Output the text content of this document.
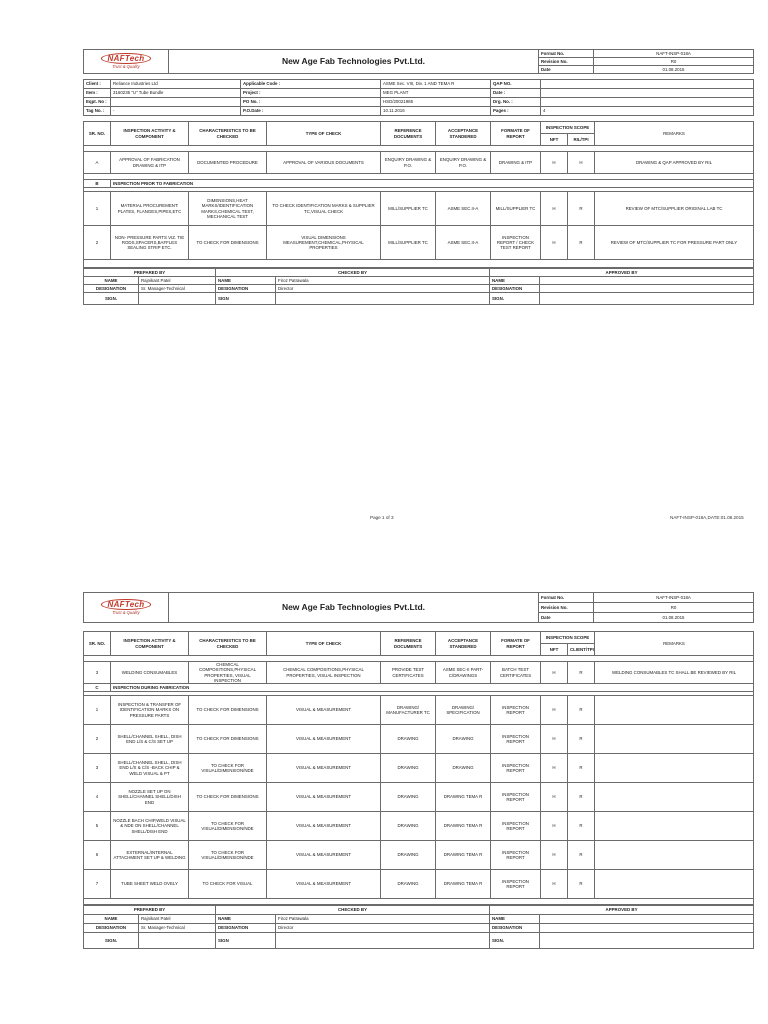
NAFTech
Trust & Quality	New Age Fab Technologies Pvt.Ltd.	Format No.	NAFT-INSP-018A
		Revision No.	R0
		Date	01.08.2015
Client :	Reliance Industries Ltd	Applicable Code :	ASME Sec. VIII, Div. 1 AND TEMA R	QAP NO.	
Item :	3160235 "U" Tube Bundle	Project :	MEG PLANT	Date :	
Eqpt. No :		PO No. :	HSD/20021985	Drg. No. :	
Tag No. :	-	P.O.Date :	10.11.2016	Pages :	4
SR. NO.	INSPECTION ACTIVITY & COMPONENT	CHARACTERISTICS TO BE CHECKED	TYPE OF CHECK	REFERENCE DOCUMENTS	ACCEPTANCE STANDERED	FORMATE OF REPORT	INSPECTION SCOPE		REMARKS
							NFT	RIL/TPI	

A	APPROVAL OF FABRICATION DRAWING & ITP	DOCUMENTED PROCEDURE	APPROVAL OF VARIOUS DOCUMENTS	ENQUIRY DRAWING & P.O.	ENQUIRY DRAWING & P.O.	DRAWING & ITP	H	H	DRAWING & QAP APPROVED BY RIL

B	INSPECTION PRIOR TO FABRICATION								

1	MATERIAL PROCUREMENT: PLATES, FLANGES,PIPES,ETC	DIMENSIONS,HEAT MARKS/IDENTIFICATION MARKS,CHEMICAL TEST, MECHANICAL TEST	TO CHECK IDENTIFICATION MARKS & SUPPLIER TC,VISUAL CHECK	MILL/SUPPLIER TC	ASME SEC.II-A	MILL/SUPPLIER TC	H	R	REVIEW OF MTC/SUPPLIER ORIGINAL LAB TC
2	NON- PRESSURE PARTS VIZ. TIE RODS,SPACERS,BAFFLES SEALING STRIP ETC.	TO CHECK FOR DIMENSIONS	VISUAL DIMENSIONS MEASUREMENT,CHEMICAL,PHYSICAL PROPERTIES	MILL/SUPPLIER TC	ASME SEC.II-A	INSPECTION REPORT / CHECK TEST REPORT	H	R	REVIEW OF MTC/SUPPLIER TC FOR PRESSURE PART ONLY

PREPARED BY		CHECKED BY		APPROVED BY	
NAME	Rajnikant Patel	NAME	Firoz Patrawala	NAME	
DESIGNATION	Sr. Manager-Technical	DESIGNATION	Director	DESIGNATION	
SIGN.		SIGN		SIGN.	
Page 1 of 3	NAFT-INSP-018A,DATE:01.08.2015
NAFTech
Trust & Quality	New Age Fab Technologies Pvt.Ltd.	Format No.	NAFT-INSP-018A
		Revision No.	R0
		Date	01.08.2015
SR. NO.	INSPECTION ACTIVITY & COMPONENT	CHARACTERISTICS TO BE CHECKED	TYPE OF CHECK	REFERENCE DOCUMENTS	ACCEPTANCE STANDERED	FORMATE OF REPORT	INSPECTION SCOPE		REMARKS
							NFT	CLIENT/TPI	

3	WELDING CONSUMABLES	CHEMICAL COMPOSITIONS,PHYSICAL PROPERTIES, VISUAL INSPECTION	CHEMICAL COMPOSITIONS,PHYSICAL PROPERTIES, VISUAL INSPECTION	PROVIDE TEST CERTIFICATES	ASME SEC-II PART-C/DRAWINGS	BATCH TEST CERTIFICATES	H	R	WELDING CONSUMABLES TC SHALL BE REVIEWED BY RIL
C	INSPECTION DURING FABRICATION								

1	INSPECTION & TRANSFER OF IDENTIFICATION MARKS ON PRESSURE PARTS	TO CHECK FOR DIMENSIONS	VISUAL & MEASUREMENT	DRAWING/ MANUFACTURER TC	DRAWING/ SPECIFICATION	INSPECTION REPORT	H	R	
2	SHELL/CHANNEL SHELL, DISH END L/S & C/S SET UP	TO CHECK FOR DIMENSIONS	VISUAL & MEASUREMENT	DRAWING	DRAWING	INSPECTION REPORT	H	R	
3	SHELL/CHANNEL SHELL, DISH END L/S & C/S -BACK CHIP & WELD VISUAL & PT	TO CHECK FOR VISUAL/DIMENSION/NDE	VISUAL & MEASUREMENT	DRAWING	DRAWING	INSPECTION REPORT	H	R	
4	NOZZLE SET UP ON SHELL/CHANNEL SHELL/DISH END	TO CHECK FOR DIMENSIONS	VISUAL & MEASUREMENT	DRAWING	DRAWING TEMA R	INSPECTION REPORT	H	R	
5	NOZZLE BACH CHIP,WELD VISUAL & NDE ON SHELL/CHANNEL SHELL/DISH END	TO CHECK FOR VISUAL/DIMENSION/NDE	VISUAL & MEASUREMENT	DRAWING	DRAWING TEMA R	INSPECTION REPORT	H	R	
6	EXTERNAL/INTERNAL ATTACHMENT SET UP & WELDING	TO CHECK FOR VISUAL/DIMENSION/NDE	VISUAL & MEASUREMENT	DRAWING	DRAWING TEMA R	INSPECTION REPORT	H	R	
7	TUBE SHEET WELD OVELY	TO CHECK FOR VISUAL	VISUAL & MEASUREMENT	DRAWING	DRAWING TEMA R	INSPECTION REPORT	H	R	

PREPARED BY		CHECKED BY		APPROVED BY	
NAME	Rajnikant Patel	NAME	Firoz Patrawala	NAME	
DESIGNATION	Sr. Manager-Technical	DESIGNATION	Director	DESIGNATION	
SIGN.		SIGN		SIGN.	
